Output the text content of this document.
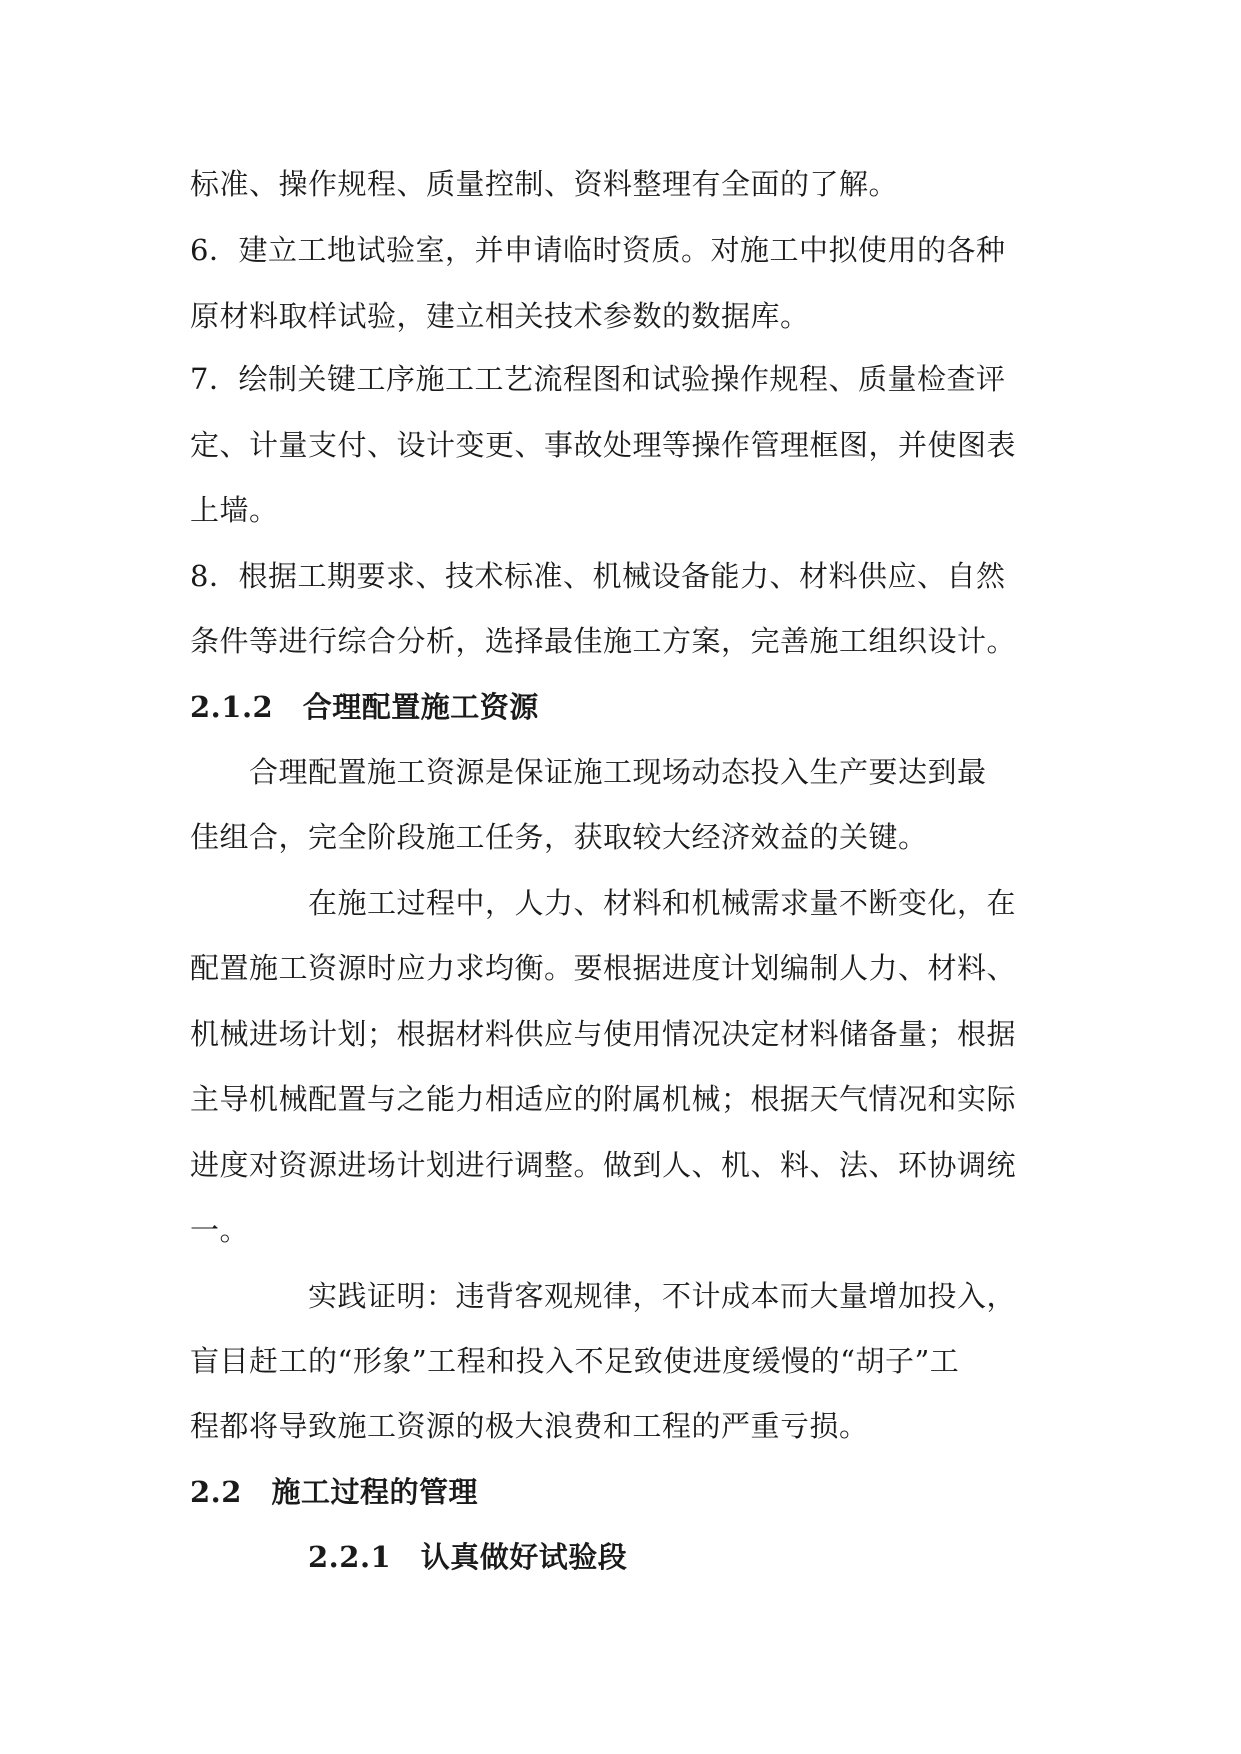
标准、操作规程、质量控制、资料整理有全面的了解。
6．建立工地试验室，并申请临时资质。对施工中拟使用的各种
原材料取样试验，建立相关技术参数的数据库。
7．绘制关键工序施工工艺流程图和试验操作规程、质量检查评
定、计量支付、设计变更、事故处理等操作管理框图，并使图表
上墙。
8．根据工期要求、技术标准、机械设备能力、材料供应、自然
条件等进行综合分析，选择最佳施工方案，完善施工组织设计。
2.1.2　合理配置施工资源
　　合理配置施工资源是保证施工现场动态投入生产要达到最
佳组合，完全阶段施工任务，获取较大经济效益的关键。
　　　　在施工过程中，人力、材料和机械需求量不断变化，在
配置施工资源时应力求均衡。要根据进度计划编制人力、材料、
机械进场计划；根据材料供应与使用情况决定材料储备量；根据
主导机械配置与之能力相适应的附属机械；根据天气情况和实际
进度对资源进场计划进行调整。做到人、机、料、法、环协调统
一。
　　　　实践证明：违背客观规律，不计成本而大量增加投入，
盲目赶工的“形象”工程和投入不足致使进度缓慢的“胡子”工
程都将导致施工资源的极大浪费和工程的严重亏损。
2.2　施工过程的管理
　　　　2.2.1　认真做好试验段
